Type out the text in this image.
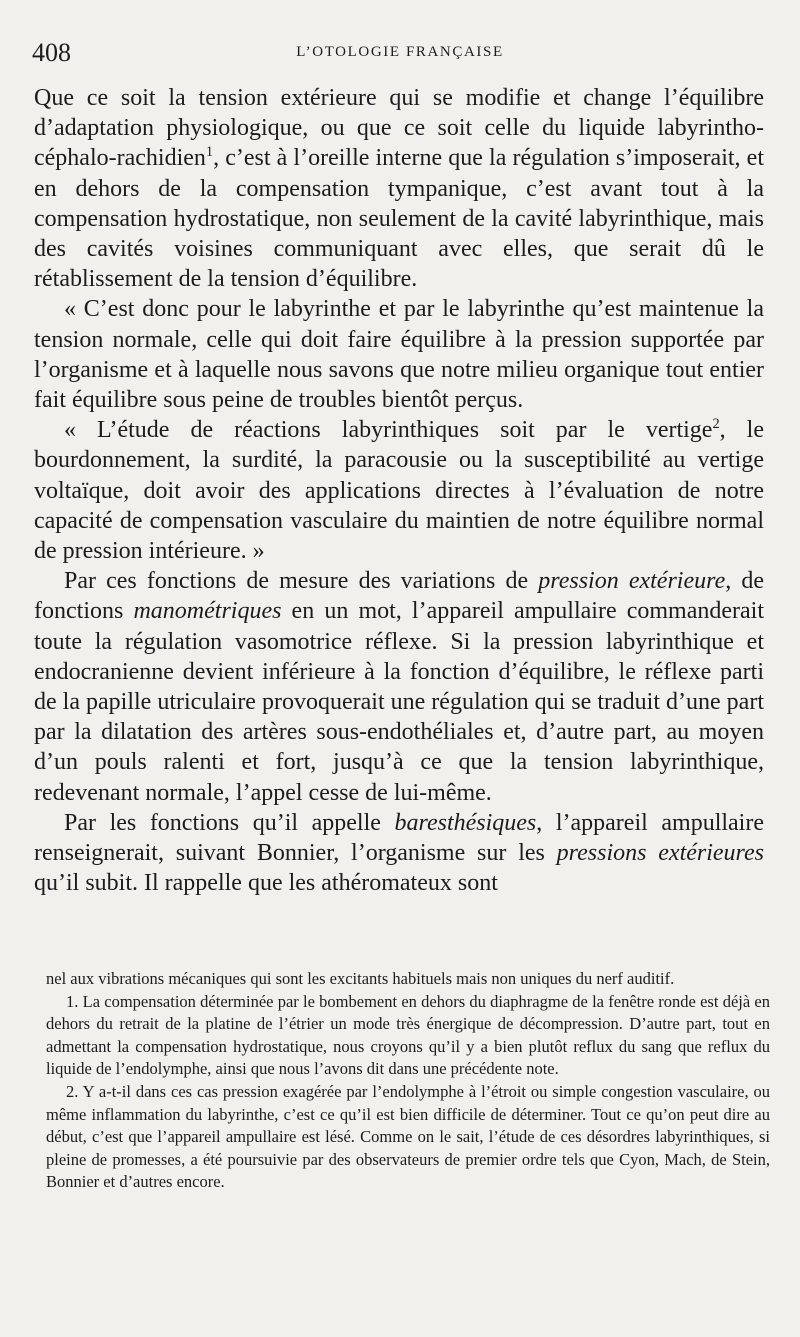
408	L’OTOLOGIE FRANÇAISE

Que ce soit la tension extérieure qui se modifie et change l’équilibre d’adaptation physiologique, ou que ce soit celle du liquide labyrintho-céphalo-rachidien$^1$, c’est à l’oreille interne que la régulation s’imposerait, et en dehors de la compensation tympanique, c’est avant tout à la compensation hydrostatique, non seulement de la cavité labyrinthique, mais des cavités voisines communiquant avec elles, que serait dû le rétablissement de la tension d’équilibre.

« C’est donc pour le labyrinthe et par le labyrinthe qu’est maintenue la tension normale, celle qui doit faire équilibre à la pression supportée par l’organisme et à laquelle nous savons que notre milieu organique tout entier fait équilibre sous peine de troubles bientôt perçus.

« L’étude de réactions labyrinthiques soit par le vertige$^2$, le bourdonnement, la surdité, la paracousie ou la susceptibilité au vertige voltaïque, doit avoir des applications directes à l’évaluation de notre capacité de compensation vasculaire du maintien de notre équilibre normal de pression intérieure. »

Par ces fonctions de mesure des variations de pression extérieure, de fonctions manométriques en un mot, l’appareil ampullaire commanderait toute la régulation vasomotrice réflexe. Si la pression labyrinthique et endocranienne devient inférieure à la fonction d’équilibre, le réflexe parti de la papille utriculaire provoquerait une régulation qui se traduit d’une part par la dilatation des artères sous-endothéliales et, d’autre part, au moyen d’un pouls ralenti et fort, jusqu’à ce que la tension labyrinthique, redevenant normale, l’appel cesse de lui-même.

Par les fonctions qu’il appelle baresthésiques, l’appareil ampullaire renseignerait, suivant Bonnier, l’organisme sur les pressions extérieures qu’il subit. Il rappelle que les athéromateux sont

nel aux vibrations mécaniques qui sont les excitants habituels mais non uniques du nerf auditif.

1. La compensation déterminée par le bombement en dehors du diaphragme de la fenêtre ronde est déjà en dehors du retrait de la platine de l’étrier un mode très énergique de décompression. D’autre part, tout en admettant la compensation hydrostatique, nous croyons qu’il y a bien plutôt reflux du sang que reflux du liquide de l’endolymphe, ainsi que nous l’avons dit dans une précédente note.

2. Y a-t-il dans ces cas pression exagérée par l’endolymphe à l’étroit ou simple congestion vasculaire, ou même inflammation du labyrinthe, c’est ce qu’il est bien difficile de déterminer. Tout ce qu’on peut dire au début, c’est que l’appareil ampullaire est lésé. Comme on le sait, l’étude de ces désordres labyrinthiques, si pleine de promesses, a été poursuivie par des observateurs de premier ordre tels que Cyon, Mach, de Stein, Bonnier et d’autres encore.
